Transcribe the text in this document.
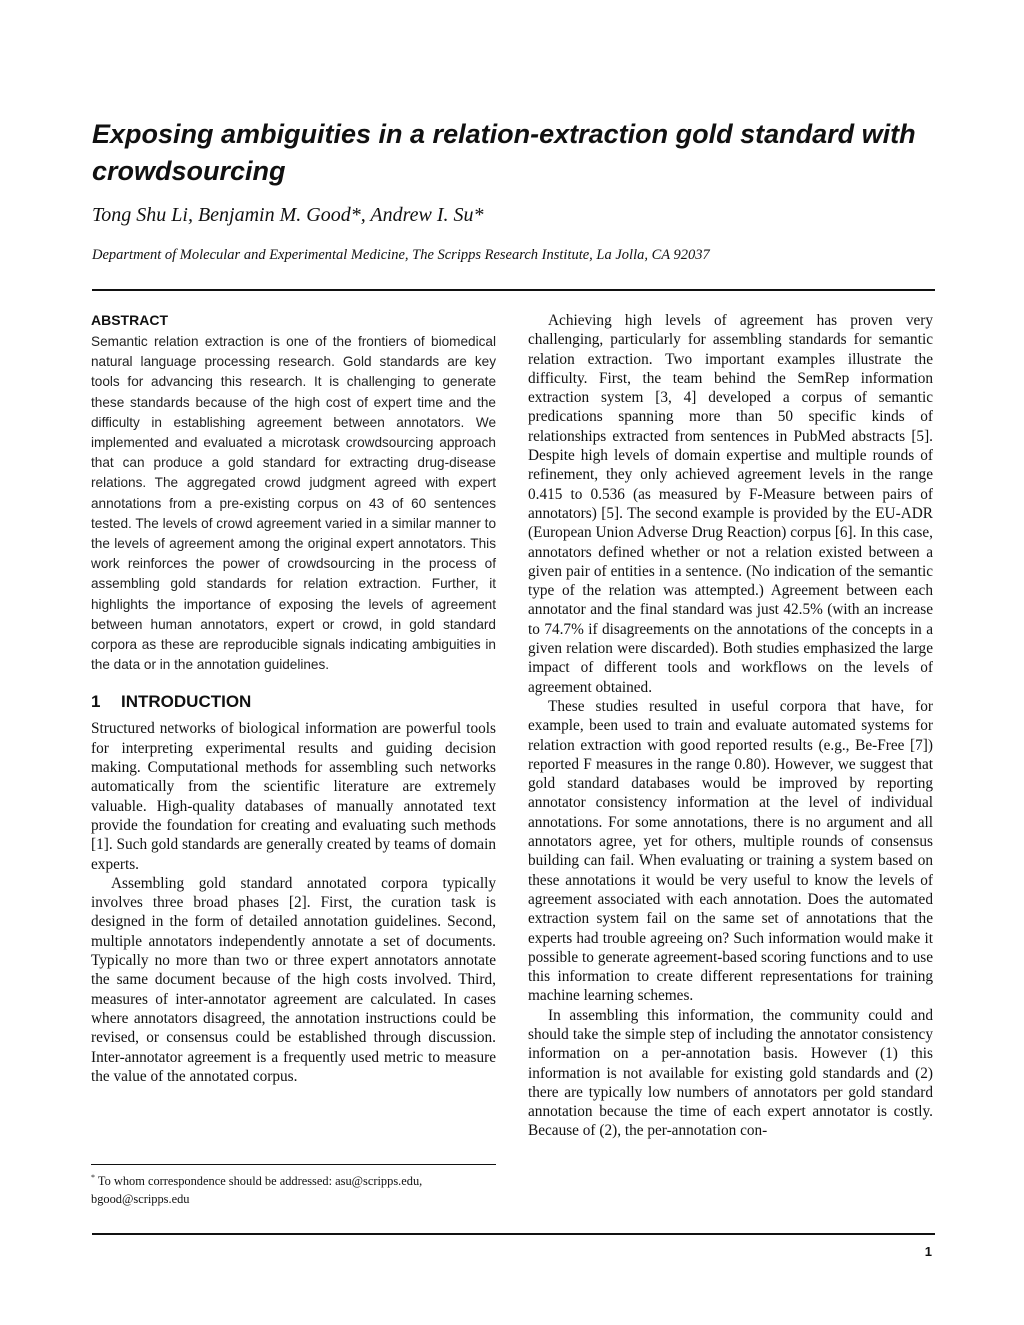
Exposing ambiguities in a relation-extraction gold standard with crowdsourcing

Tong Shu Li, Benjamin M. Good*, Andrew I. Su*

Department of Molecular and Experimental Medicine, The Scripps Research Institute, La Jolla, CA 92037

ABSTRACT

Semantic relation extraction is one of the frontiers of biomedical natural language processing research. Gold standards are key tools for advancing this research. It is challenging to generate these standards because of the high cost of expert time and the difficulty in establishing agreement between annotators. We implemented and evaluated a microtask crowdsourcing approach that can produce a gold standard for extracting drug-disease relations. The aggregated crowd judgment agreed with expert annotations from a pre-existing corpus on 43 of 60 sentences tested. The levels of crowd agreement varied in a similar manner to the levels of agreement among the original expert annotators. This work reinforces the power of crowdsourcing in the process of assembling gold standards for relation extraction. Further, it highlights the importance of exposing the levels of agreement between human annotators, expert or crowd, in gold standard corpora as these are reproducible signals indicating ambiguities in the data or in the annotation guidelines.

1 INTRODUCTION

Structured networks of biological information are powerful tools for interpreting experimental results and guiding decision making. Computational methods for assembling such networks automatically from the scientific literature are extremely valuable. High-quality databases of manually annotated text provide the foundation for creating and evaluating such methods [1]. Such gold standards are generally created by teams of domain experts.

Assembling gold standard annotated corpora typically involves three broad phases [2]. First, the curation task is designed in the form of detailed annotation guidelines. Second, multiple annotators independently annotate a set of documents. Typically no more than two or three expert annotators annotate the same document because of the high costs involved. Third, measures of inter-annotator agreement are calculated. In cases where annotators disagreed, the annotation instructions could be revised, or consensus could be established through discussion. Inter-annotator agreement is a frequently used metric to measure the value of the annotated corpus.

Achieving high levels of agreement has proven very challenging, particularly for assembling standards for semantic relation extraction. Two important examples illustrate the difficulty. First, the team behind the SemRep information extraction system [3, 4] developed a corpus of semantic predications spanning more than 50 specific kinds of relationships extracted from sentences in PubMed abstracts [5]. Despite high levels of domain expertise and multiple rounds of refinement, they only achieved agreement levels in the range 0.415 to 0.536 (as measured by F-Measure between pairs of annotators) [5]. The second example is provided by the EU-ADR (European Union Adverse Drug Reaction) corpus [6]. In this case, annotators defined whether or not a relation existed between a given pair of entities in a sentence. (No indication of the semantic type of the relation was attempted.) Agreement between each annotator and the final standard was just 42.5% (with an increase to 74.7% if disagreements on the annotations of the concepts in a given relation were discarded). Both studies emphasized the large impact of different tools and workflows on the levels of agreement obtained.

These studies resulted in useful corpora that have, for example, been used to train and evaluate automated systems for relation extraction with good reported results (e.g., Be-Free [7]) reported F measures in the range 0.80). However, we suggest that gold standard databases would be improved by reporting annotator consistency information at the level of individual annotations. For some annotations, there is no argument and all annotators agree, yet for others, multiple rounds of consensus building can fail. When evaluating or training a system based on these annotations it would be very useful to know the levels of agreement associated with each annotation. Does the automated extraction system fail on the same set of annotations that the experts had trouble agreeing on? Such information would make it possible to generate agreement-based scoring functions and to use this information to create different representations for training machine learning schemes.

In assembling this information, the community could and should take the simple step of including the annotator consistency information on a per-annotation basis. However (1) this information is not available for existing gold standards and (2) there are typically low numbers of annotators per gold standard annotation because the time of each expert annotator is costly. Because of (2), the per-annotation con-

* To whom correspondence should be addressed: asu@scripps.edu, bgood@scripps.edu

1
